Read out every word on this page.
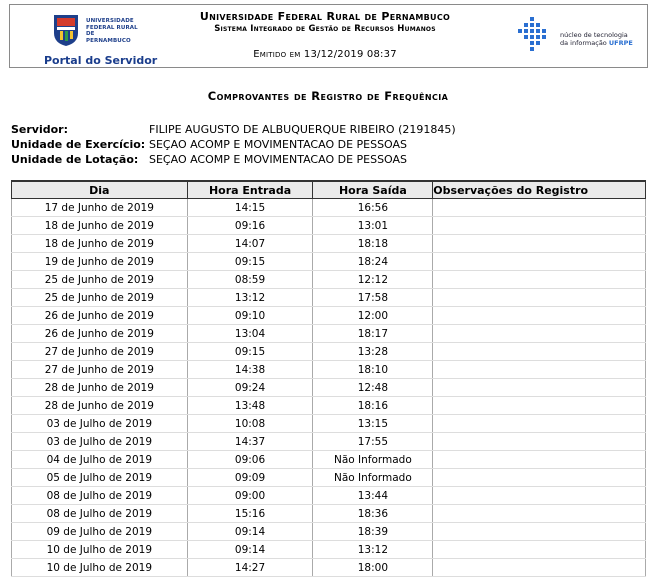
UNIVERSIDADE
FEDERAL RURAL
DE PERNAMBUCO
Portal do Servidor
Universidade Federal Rural de Pernambuco
Sistema Integrado de Gestão de Recursos Humanos
Emitido em 13/12/2019 08:37
núcleo de tecnologia
da informação UFRPE
Comprovantes de Registro de Frequência
Servidor:	FILIPE AUGUSTO DE ALBUQUERQUE RIBEIRO (2191845)
Unidade de Exercício: SEÇAO ACOMP E MOVIMENTACAO DE PESSOAS
Unidade de Lotação: SEÇAO ACOMP E MOVIMENTACAO DE PESSOAS
Dia	Hora Entrada	Hora Saída	Observações do Registro
17 de Junho de 2019	14:15	16:56	
18 de Junho de 2019	09:16	13:01	
18 de Junho de 2019	14:07	18:18	
19 de Junho de 2019	09:15	18:24	
25 de Junho de 2019	08:59	12:12	
25 de Junho de 2019	13:12	17:58	
26 de Junho de 2019	09:10	12:00	
26 de Junho de 2019	13:04	18:17	
27 de Junho de 2019	09:15	13:28	
27 de Junho de 2019	14:38	18:10	
28 de Junho de 2019	09:24	12:48	
28 de Junho de 2019	13:48	18:16	
03 de Julho de 2019	10:08	13:15	
03 de Julho de 2019	14:37	17:55	
04 de Julho de 2019	09:06	Não Informado	
05 de Julho de 2019	09:09	Não Informado	
08 de Julho de 2019	09:00	13:44	
08 de Julho de 2019	15:16	18:36	
09 de Julho de 2019	09:14	18:39	
10 de Julho de 2019	09:14	13:12	
10 de Julho de 2019	14:27	18:00	
